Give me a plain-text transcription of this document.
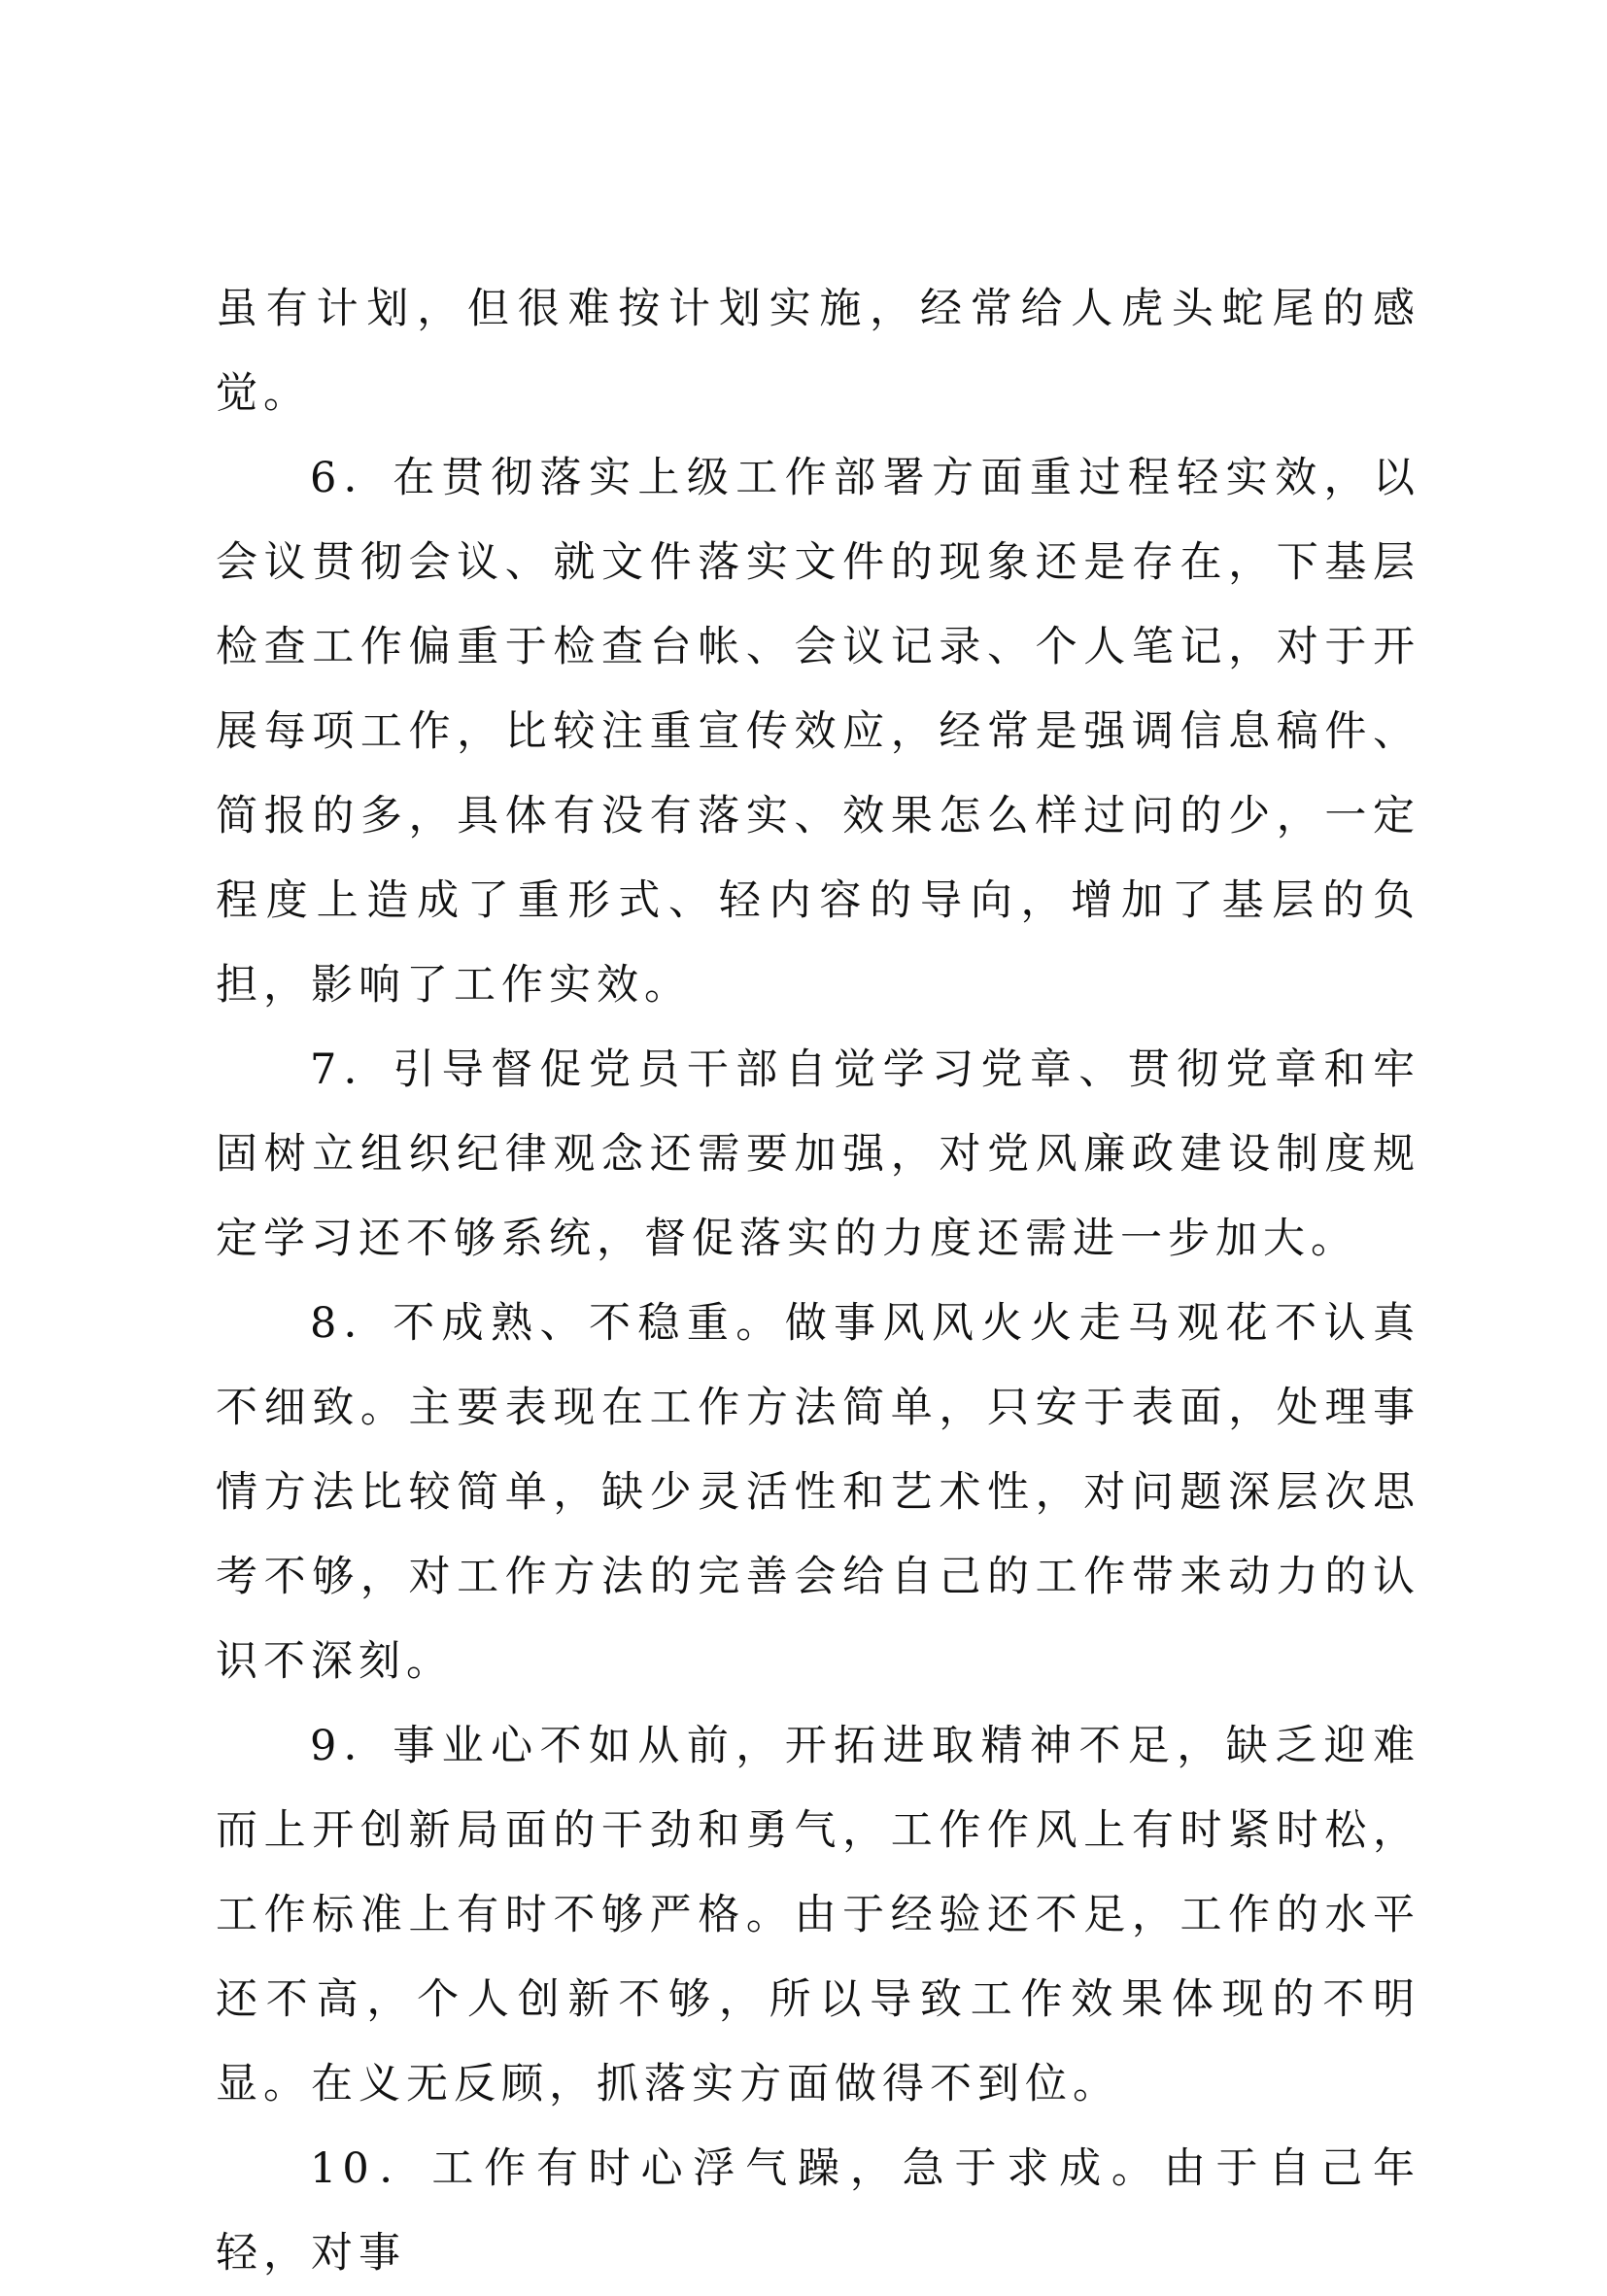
虽有计划，但很难按计划实施，经常给人虎头蛇尾的感觉。

6．在贯彻落实上级工作部署方面重过程轻实效，以会议贯彻会议、就文件落实文件的现象还是存在，下基层检查工作偏重于检查台帐、会议记录、个人笔记，对于开展每项工作，比较注重宣传效应，经常是强调信息稿件、简报的多，具体有没有落实、效果怎么样过问的少，一定程度上造成了重形式、轻内容的导向，增加了基层的负担，影响了工作实效。

7．引导督促党员干部自觉学习党章、贯彻党章和牢固树立组织纪律观念还需要加强，对党风廉政建设制度规定学习还不够系统，督促落实的力度还需进一步加大。

8．不成熟、不稳重。做事风风火火走马观花不认真不细致。主要表现在工作方法简单，只安于表面，处理事情方法比较简单，缺少灵活性和艺术性，对问题深层次思考不够，对工作方法的完善会给自己的工作带来动力的认识不深刻。

9．事业心不如从前，开拓进取精神不足，缺乏迎难而上开创新局面的干劲和勇气，工作作风上有时紧时松，工作标准上有时不够严格。由于经验还不足，工作的水平还不高，个人创新不够，所以导致工作效果体现的不明显。在义无反顾，抓落实方面做得不到位。

10．工作有时心浮气躁，急于求成。由于自己年轻，对事
